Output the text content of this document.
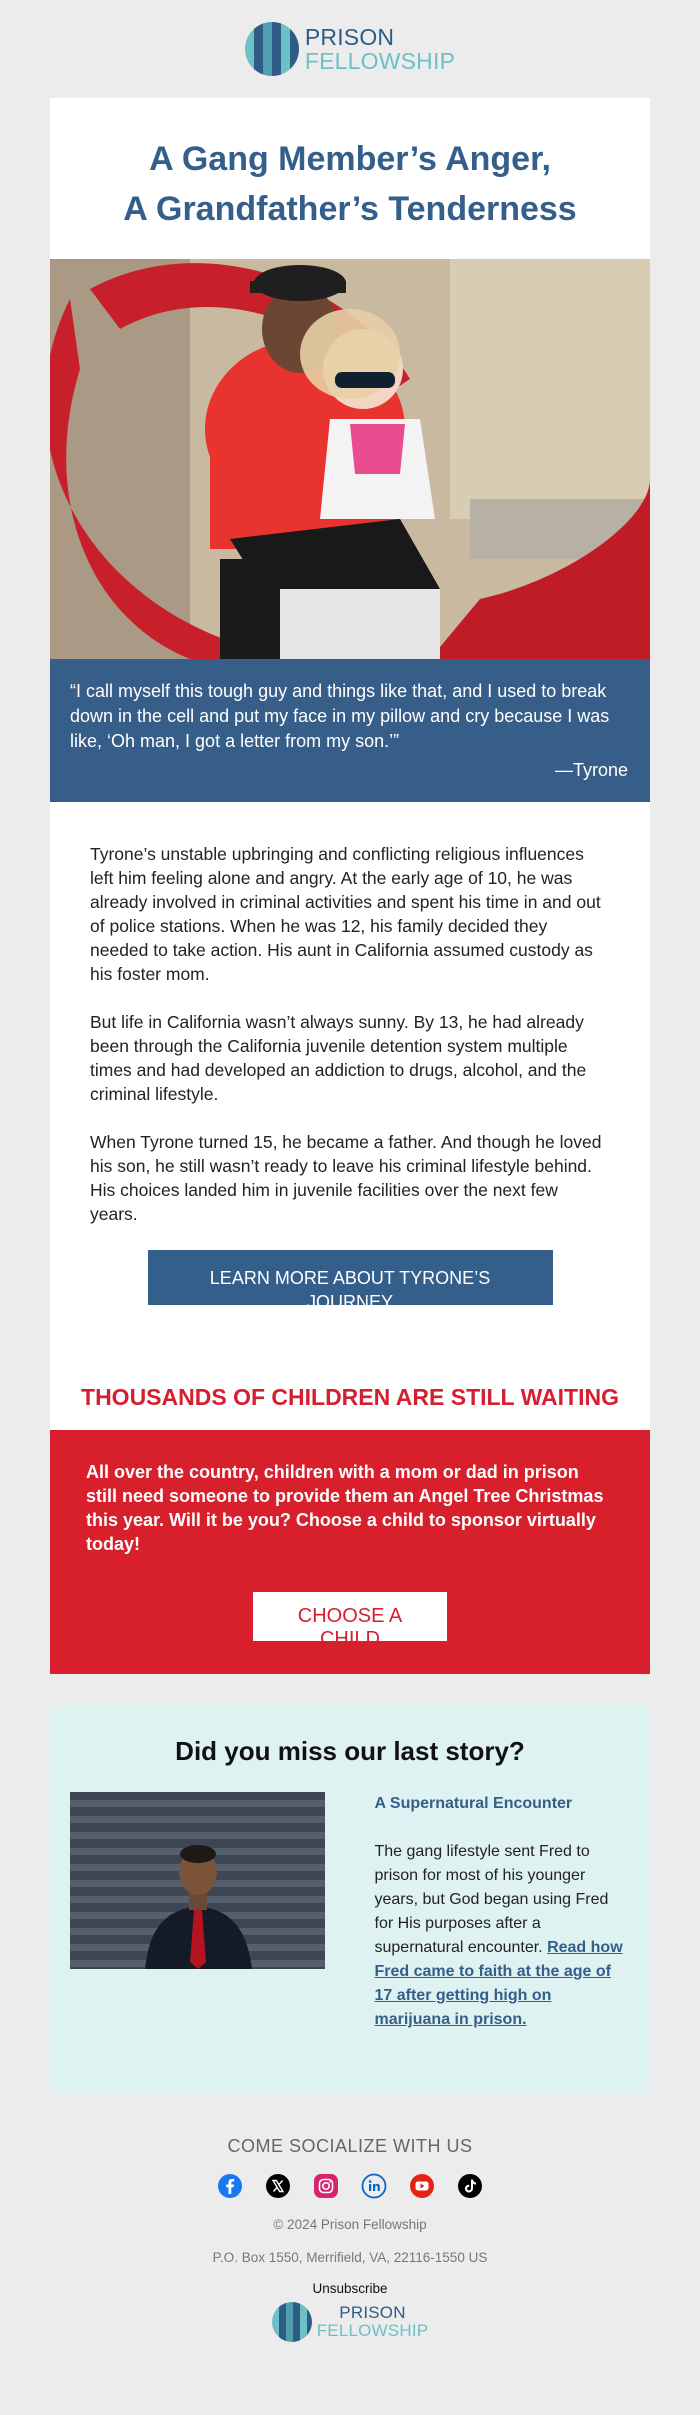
PRISON
FELLOWSHIP
A Gang Member’s Anger,
A Grandfather’s Tenderness

“I call myself this tough guy and things like that, and I used to break down in the cell and put my face in my pillow and cry because I was like, ‘Oh man, I got a letter from my son.’”

—Tyrone

Tyrone’s unstable upbringing and conflicting religious influences left him feeling alone and angry. At the early age of 10, he was already involved in criminal activities and spent his time in and out of police stations. When he was 12, his family decided they needed to take action. His aunt in California assumed custody as his foster mom.

But life in California wasn’t always sunny. By 13, he had already been through the California juvenile detention system multiple times and had developed an addiction to drugs, alcohol, and the criminal lifestyle.

When Tyrone turned 15, he became a father. And though he loved his son, he still wasn’t ready to leave his criminal lifestyle behind. His choices landed him in juvenile facilities over the next few years.

LEARN MORE ABOUT TYRONE’S JOURNEY
THOUSANDS OF CHILDREN ARE STILL WAITING

All over the country, children with a mom or dad in prison still need someone to provide them an Angel Tree Christmas this year. Will it be you? Choose a child to sponsor virtually today!

CHOOSE A CHILD
Did you miss our last story?
A Supernatural Encounter

The gang lifestyle sent Fred to prison for most of his younger years, but God began using Fred for His purposes after a supernatural encounter. Read how Fred came to faith at the age of 17 after getting high on marijuana in prison.

COME SOCIALIZE WITH US
© 2024 Prison Fellowship
P.O. Box 1550, Merrifield, VA, 22116-1550 US
Unsubscribe
PRISON
FELLOWSHIP
